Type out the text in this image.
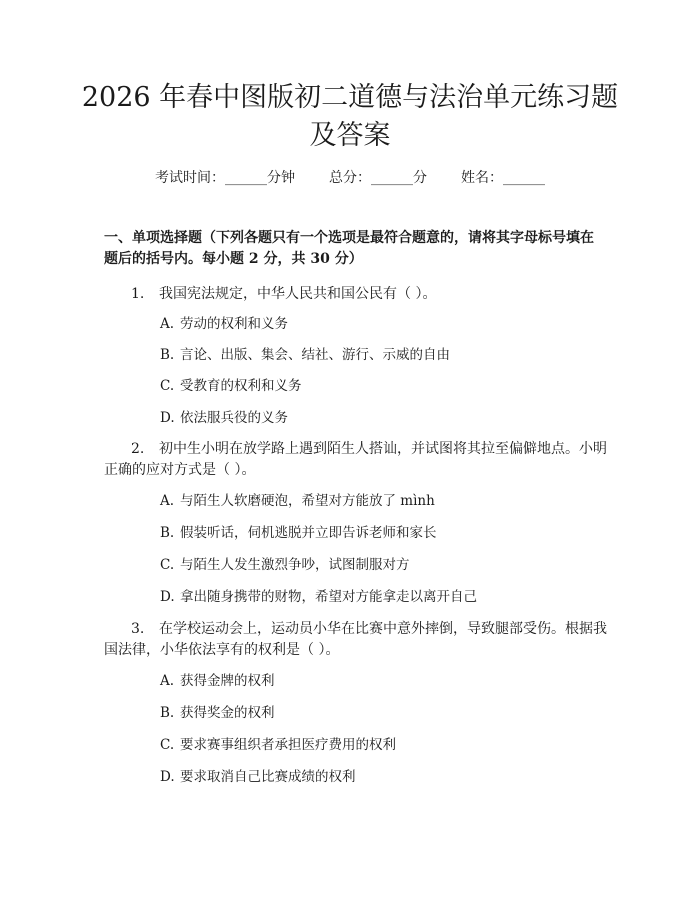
2026 年春中图版初二道德与法治单元练习题
及答案
考试时间：______分钟 总分：______分 姓名：______
一、单项选择题（下列各题只有一个选项是最符合题意的，请将其字母标号填在
题后的括号内。每小题 2 分，共 30 分）
1. 我国宪法规定，中华人民共和国公民有（ ）。
A. 劳动的权利和义务
B. 言论、出版、集会、结社、游行、示威的自由
C. 受教育的权利和义务
D. 依法服兵役的义务
2. 初中生小明在放学路上遇到陌生人搭讪，并试图将其拉至偏僻地点。小明
正确的应对方式是（ ）。
A. 与陌生人软磨硬泡，希望对方能放了 mình
B. 假装听话，伺机逃脱并立即告诉老师和家长
C. 与陌生人发生激烈争吵，试图制服对方
D. 拿出随身携带的财物，希望对方能拿走以离开自己
3. 在学校运动会上，运动员小华在比赛中意外摔倒，导致腿部受伤。根据我
国法律，小华依法享有的权利是（ ）。
A. 获得金牌的权利
B. 获得奖金的权利
C. 要求赛事组织者承担医疗费用的权利
D. 要求取消自己比赛成绩的权利
